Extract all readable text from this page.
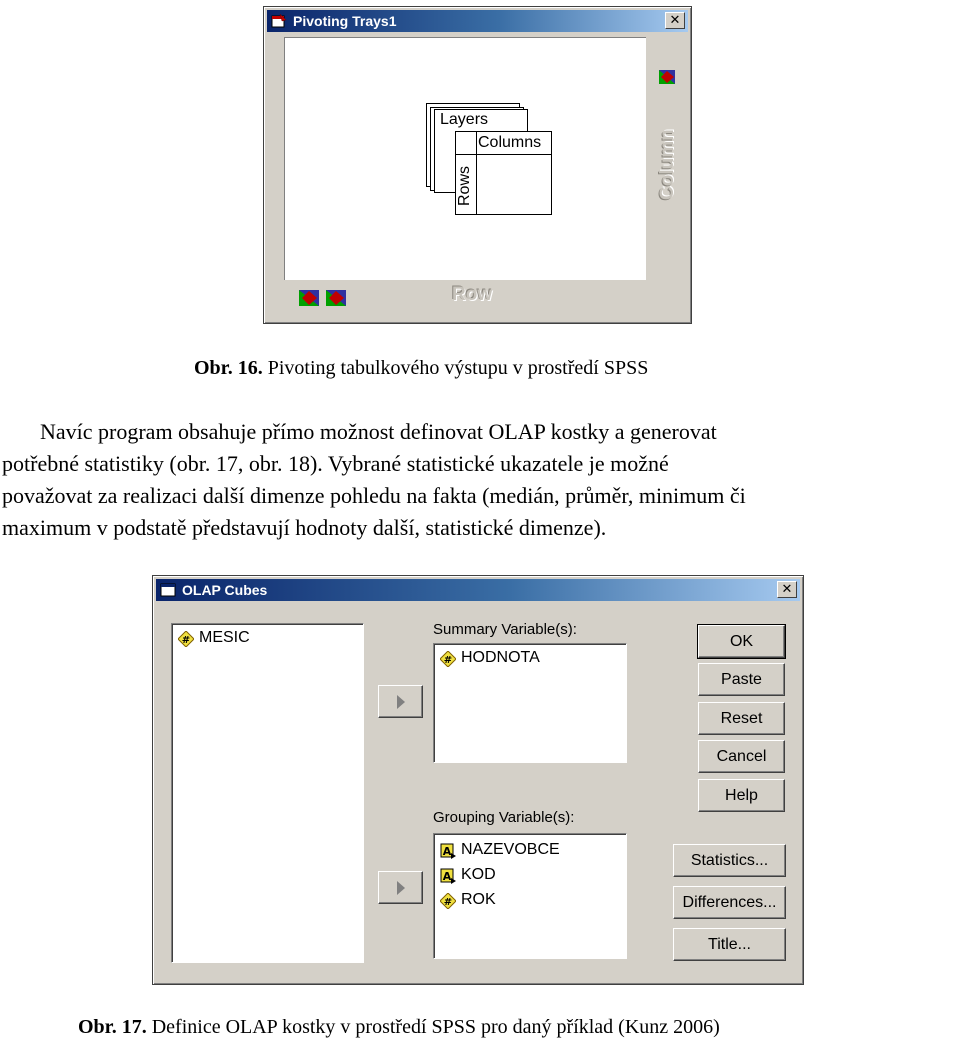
Pivoting Trays1	✕
Column
Row
Layers
Columns
Rows
Obr. 16. Pivoting tabulkového výstupu v prostředí SPSS
Navíc program obsahuje přímo možnost definovat OLAP kostky a generovat
potřebné statistiky (obr. 17, obr. 18). Vybrané statistické ukazatele je možné
považovat za realizaci další dimenze pohledu na fakta (medián, průměr, minimum či
maximum v podstatě představují hodnoty další, statistické dimenze).
OLAP Cubes	✕
# MESIC	Summary Variable(s):
# HODNOTA
Grouping Variable(s):
A NAZEVOBCE
A KOD
# ROK
OK
Paste
Reset
Cancel
Help
Statistics...
Differences...
Title...
Obr. 17. Definice OLAP kostky v prostředí SPSS pro daný příklad (Kunz 2006)
